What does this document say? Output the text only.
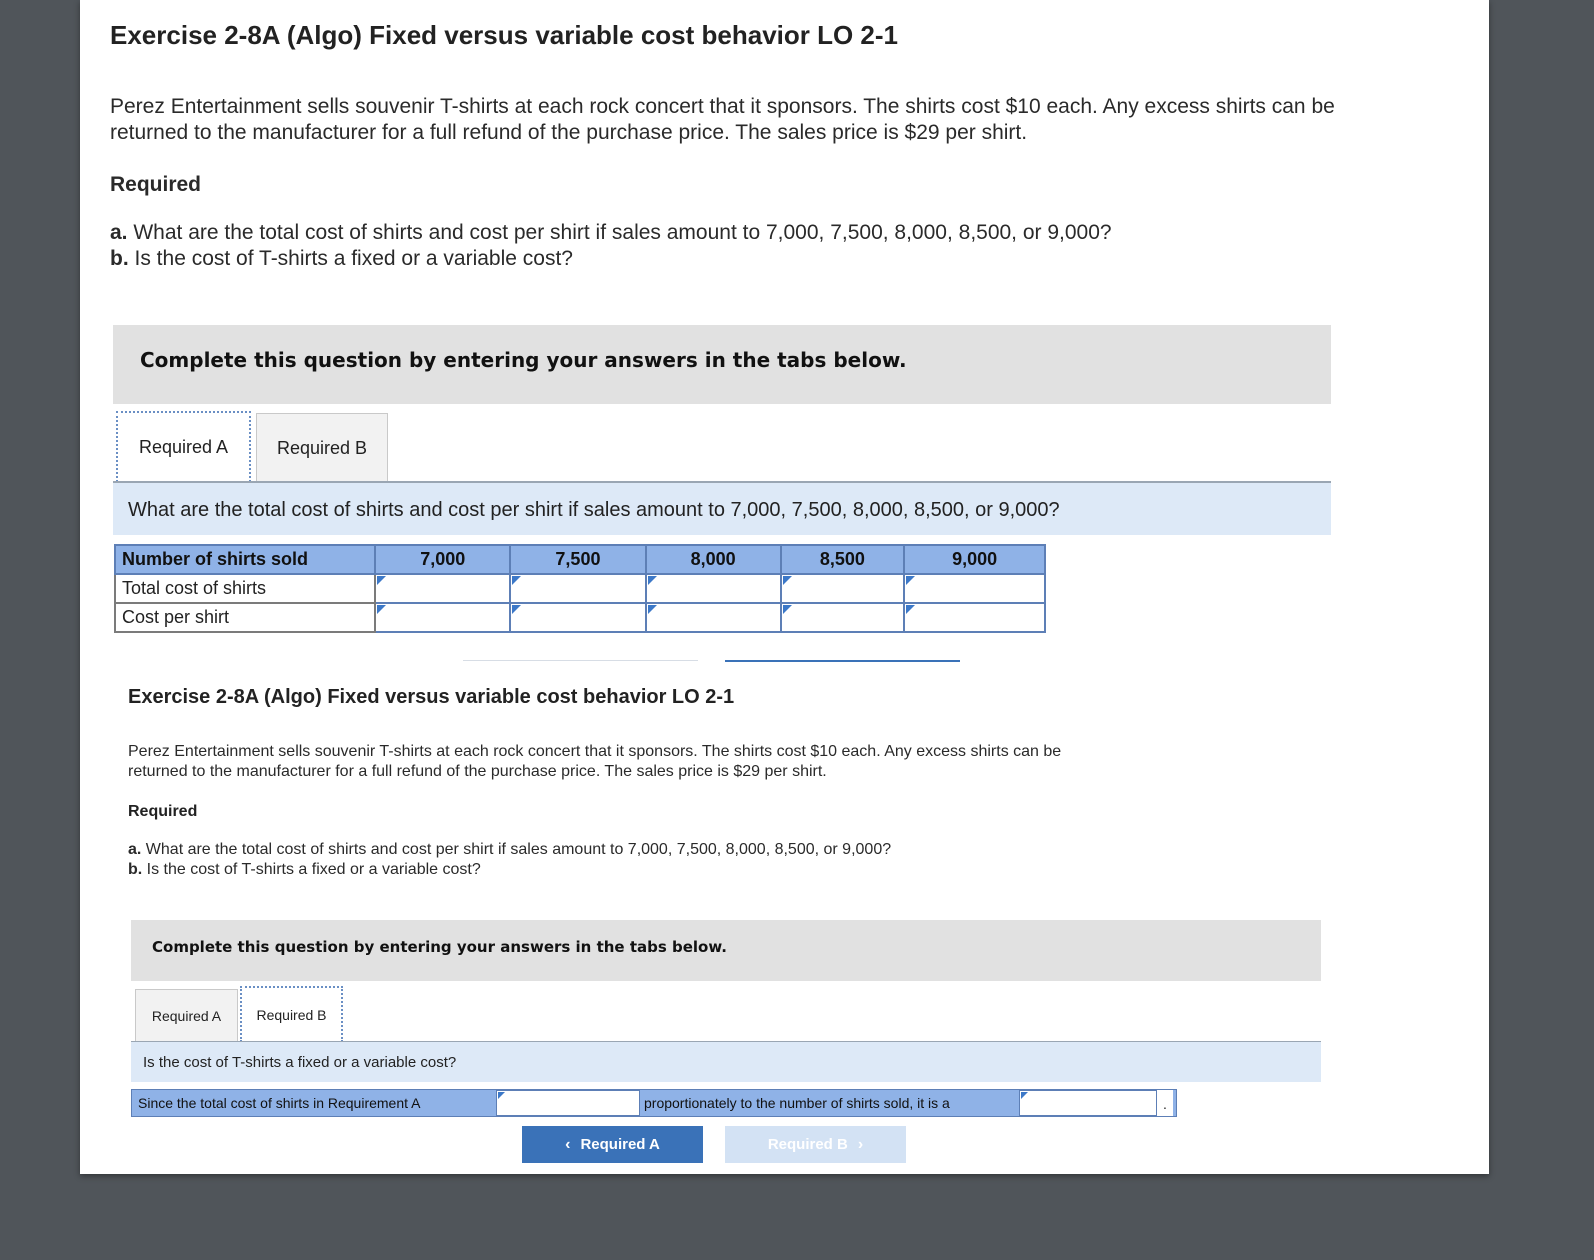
Exercise 2-8A (Algo) Fixed versus variable cost behavior LO 2-1
Perez Entertainment sells souvenir T-shirts at each rock concert that it sponsors. The shirts cost $10 each. Any excess shirts can be
returned to the manufacturer for a full refund of the purchase price. The sales price is $29 per shirt.
Required
a. What are the total cost of shirts and cost per shirt if sales amount to 7,000, 7,500, 8,000, 8,500, or 9,000?
b. Is the cost of T-shirts a fixed or a variable cost?
Complete this question by entering your answers in the tabs below.
Required A	Required B
What are the total cost of shirts and cost per shirt if sales amount to 7,000, 7,500, 8,000, 8,500, or 9,000?
Number of shirts sold	7,000	7,500	8,000	8,500	9,000
Total cost of shirts					
Cost per shirt					
Exercise 2-8A (Algo) Fixed versus variable cost behavior LO 2-1
Perez Entertainment sells souvenir T-shirts at each rock concert that it sponsors. The shirts cost $10 each. Any excess shirts can be
returned to the manufacturer for a full refund of the purchase price. The sales price is $29 per shirt.
Required
a. What are the total cost of shirts and cost per shirt if sales amount to 7,000, 7,500, 8,000, 8,500, or 9,000?
b. Is the cost of T-shirts a fixed or a variable cost?
Complete this question by entering your answers in the tabs below.
Required A	Required B
Is the cost of T-shirts a fixed or a variable cost?
Since the total cost of shirts in Requirement A	proportionately to the number of shirts sold, it is a	.
‹ Required A	Required B ›
